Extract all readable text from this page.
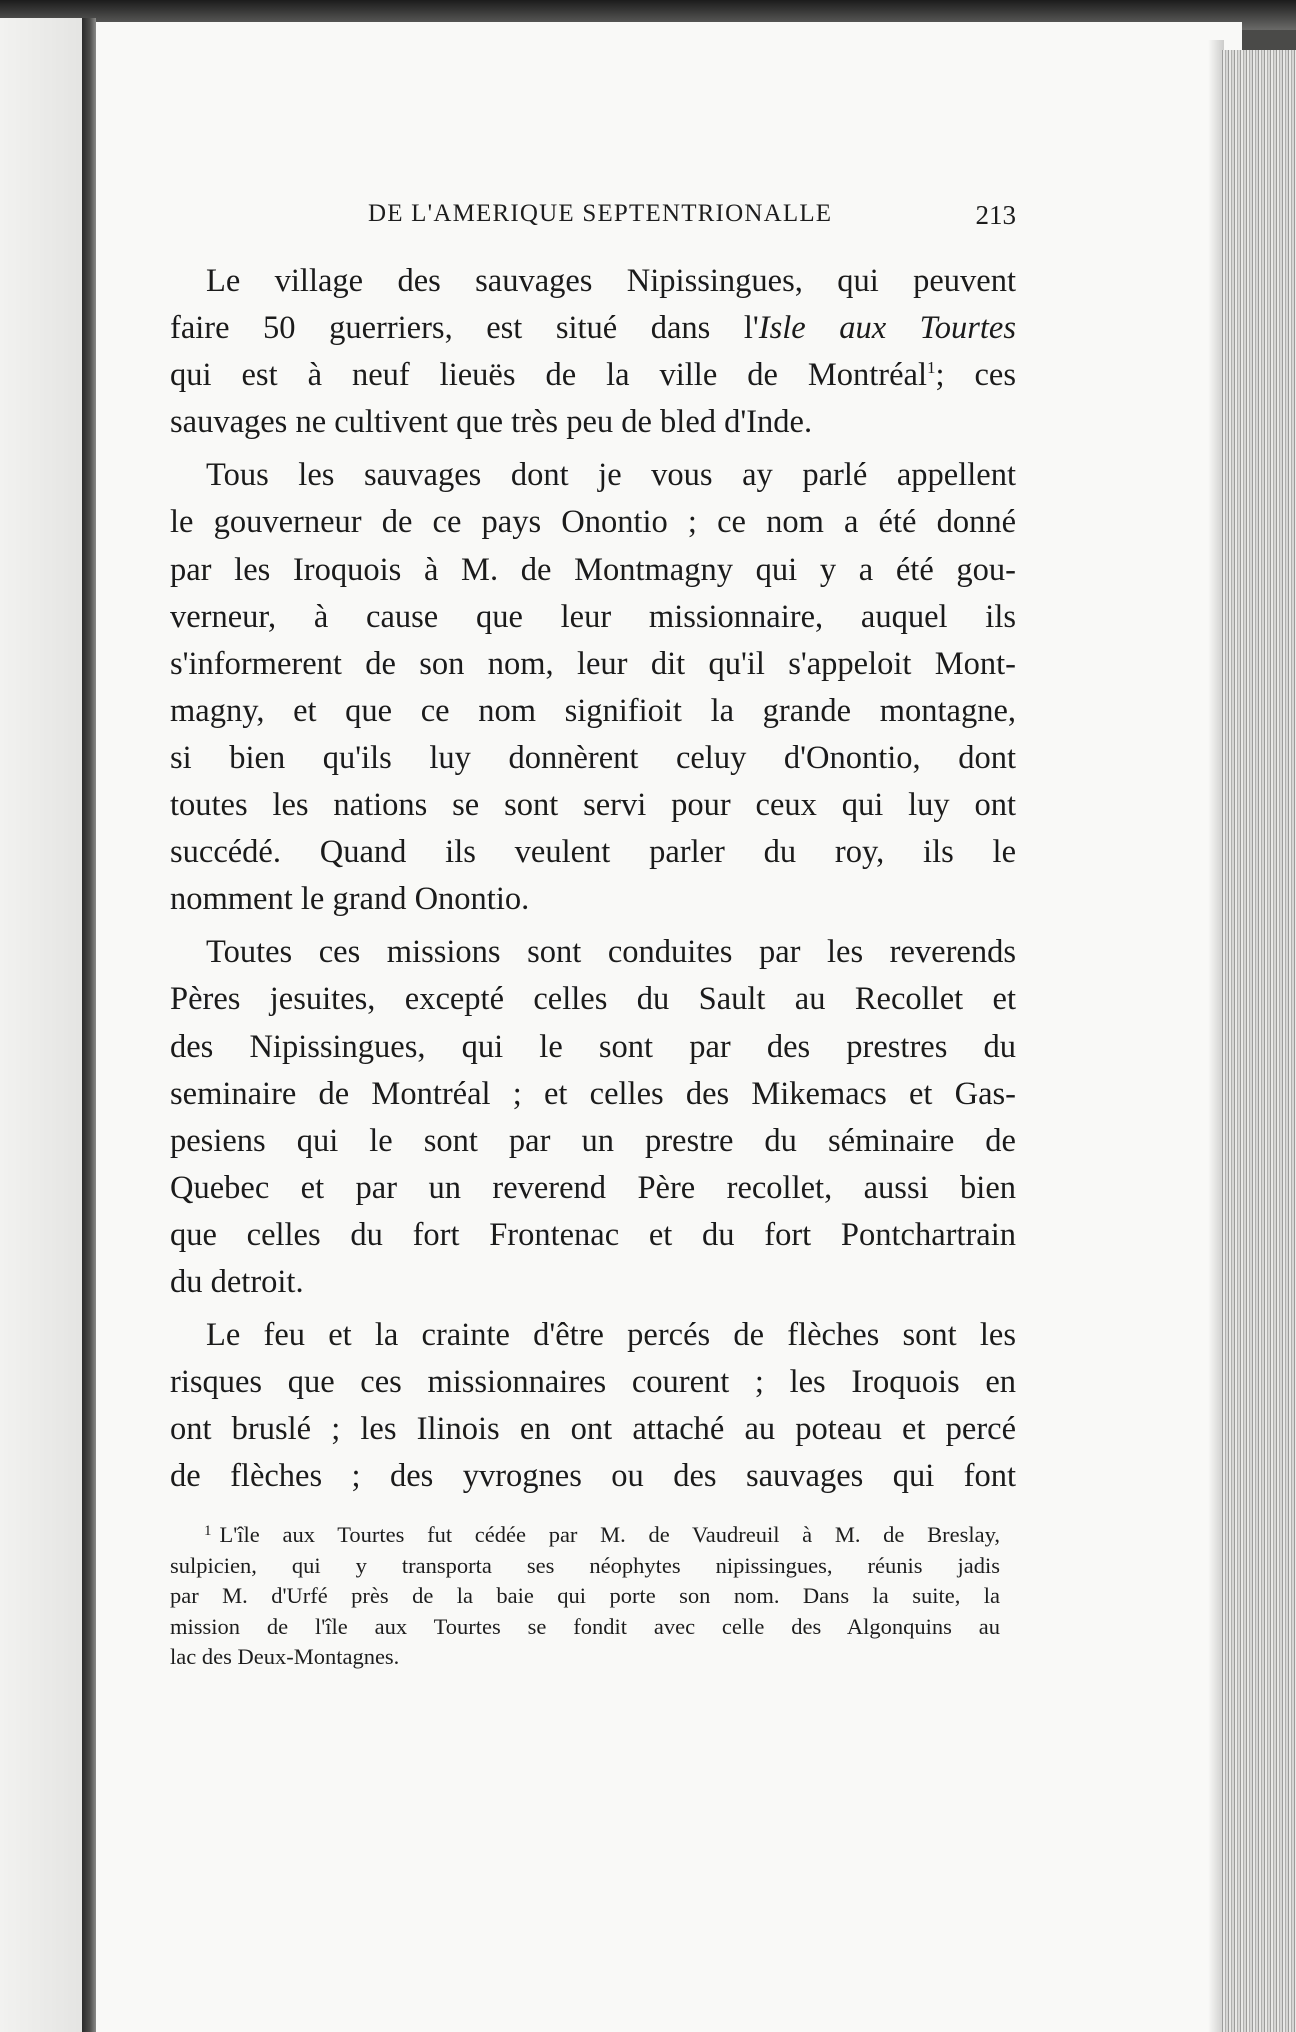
DE L'AMERIQUE SEPTENTRIONALLE	213
Le village des sauvages Nipissingues, qui peuvent
faire 50 guerriers, est situé dans l'Isle aux Tourtes
qui est à neuf lieuës de la ville de Montréal$^1$; ces
sauvages ne cultivent que très peu de bled d'Inde.
Tous les sauvages dont je vous ay parlé appellent
le gouverneur de ce pays Onontio ; ce nom a été donné
par les Iroquois à M. de Montmagny qui y a été gou-
verneur, à cause que leur missionnaire, auquel ils
s'informerent de son nom, leur dit qu'il s'appeloit Mont-
magny, et que ce nom signifioit la grande montagne,
si bien qu'ils luy donnèrent celuy d'Onontio, dont
toutes les nations se sont servi pour ceux qui luy ont
succédé. Quand ils veulent parler du roy, ils le
nomment le grand Onontio.
Toutes ces missions sont conduites par les reverends
Pères jesuites, excepté celles du Sault au Recollet et
des Nipissingues, qui le sont par des prestres du
seminaire de Montréal ; et celles des Mikemacs et Gas-
pesiens qui le sont par un prestre du séminaire de
Quebec et par un reverend Père recollet, aussi bien
que celles du fort Frontenac et du fort Pontchartrain
du detroit.
Le feu et la crainte d'être percés de flèches sont les
risques que ces missionnaires courent ; les Iroquois en
ont bruslé ; les Ilinois en ont attaché au poteau et percé
de flèches ; des yvrognes ou des sauvages qui font
$^1$ L'île aux Tourtes fut cédée par M. de Vaudreuil à M. de Breslay,
sulpicien, qui y transporta ses néophytes nipissingues, réunis jadis
par M. d'Urfé près de la baie qui porte son nom. Dans la suite, la
mission de l'île aux Tourtes se fondit avec celle des Algonquins au
lac des Deux-Montagnes.
